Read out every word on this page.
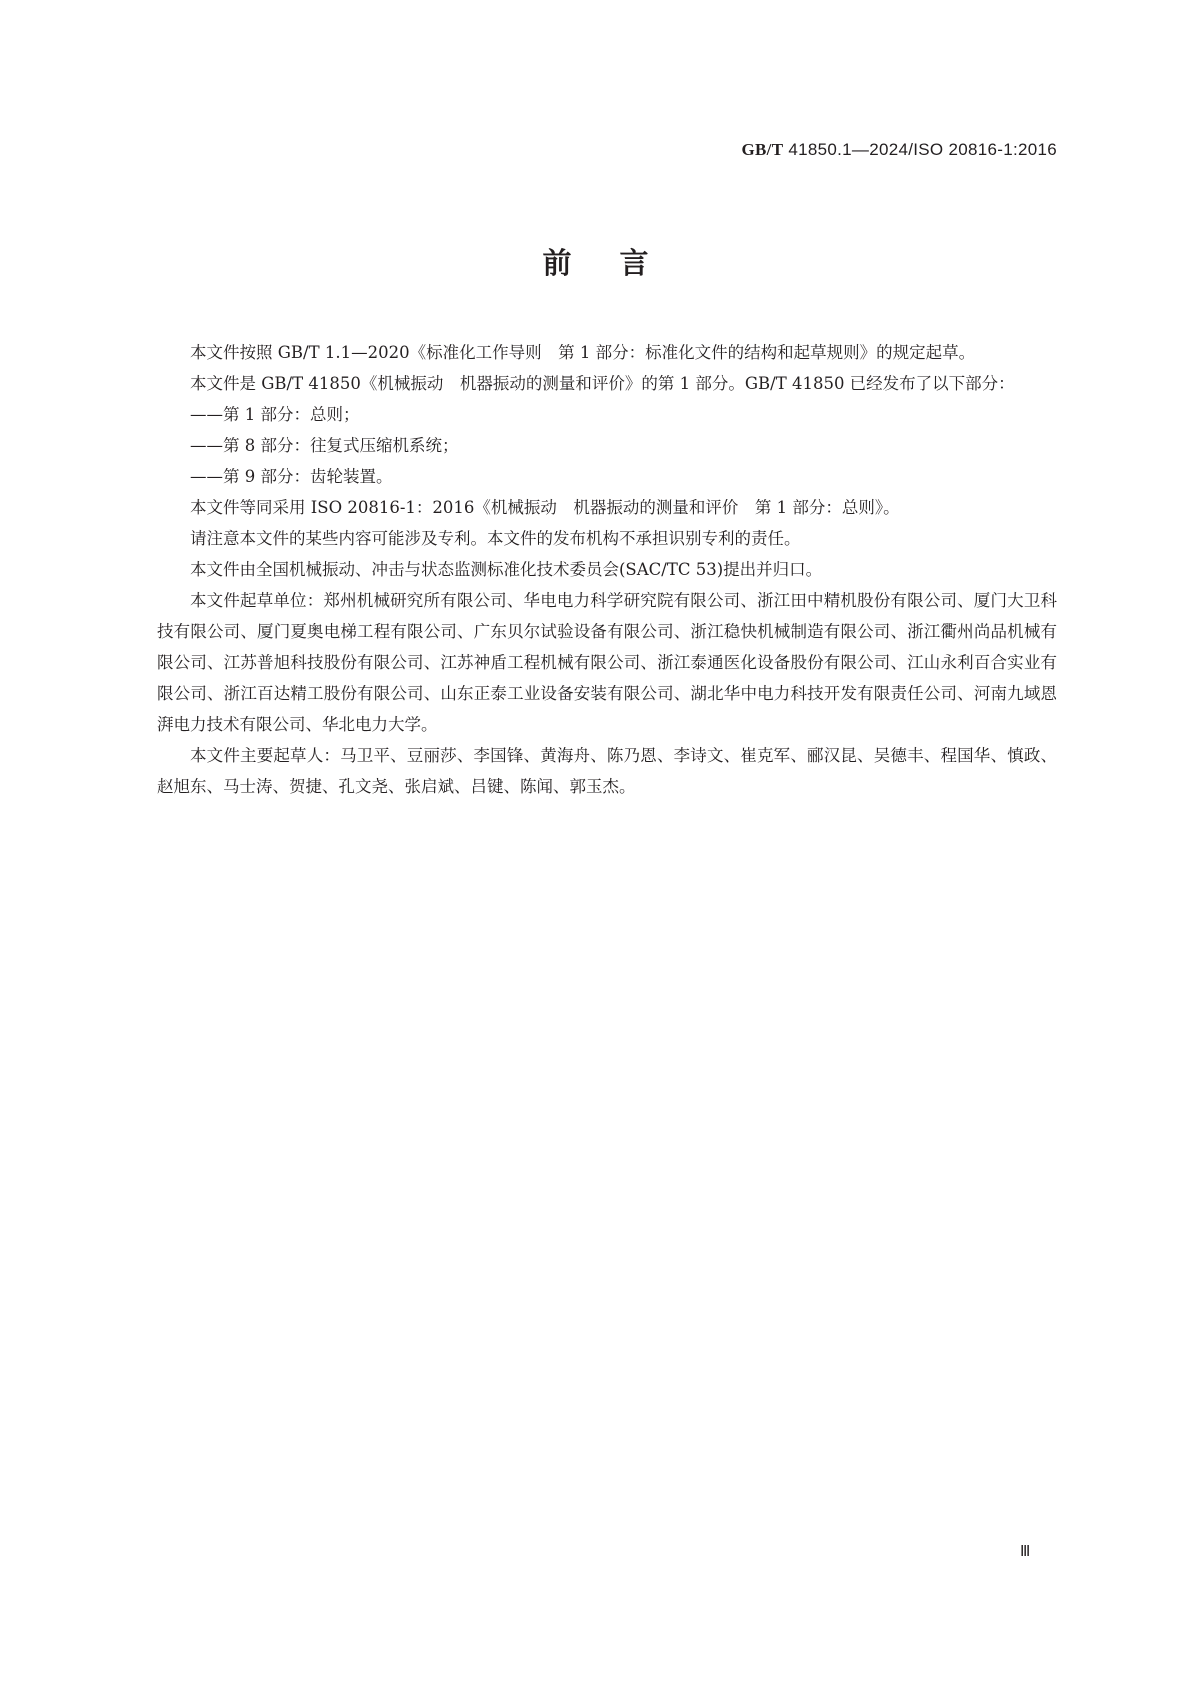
GB/T 41850.1—2024/ISO 20816-1:2016
前言

本文件按照 GB/T 1.1—2020《标准化工作导则　第 1 部分：标准化文件的结构和起草规则》的规定起草。

本文件是 GB/T 41850《机械振动　机器振动的测量和评价》的第 1 部分。GB/T 41850 已经发布了以下部分：

——第 1 部分：总则；

——第 8 部分：往复式压缩机系统；

——第 9 部分：齿轮装置。

本文件等同采用 ISO 20816-1：2016《机械振动　机器振动的测量和评价　第 1 部分：总则》。

请注意本文件的某些内容可能涉及专利。本文件的发布机构不承担识别专利的责任。

本文件由全国机械振动、冲击与状态监测标准化技术委员会(SAC/TC 53)提出并归口。

本文件起草单位：郑州机械研究所有限公司、华电电力科学研究院有限公司、浙江田中精机股份有限公司、厦门大卫科技有限公司、厦门夏奥电梯工程有限公司、广东贝尔试验设备有限公司、浙江稳快机械制造有限公司、浙江衢州尚品机械有限公司、江苏普旭科技股份有限公司、江苏神盾工程机械有限公司、浙江泰通医化设备股份有限公司、江山永利百合实业有限公司、浙江百达精工股份有限公司、山东正泰工业设备安装有限公司、湖北华中电力科技开发有限责任公司、河南九域恩湃电力技术有限公司、华北电力大学。

本文件主要起草人：马卫平、豆丽莎、李国锋、黄海舟、陈乃恩、李诗文、崔克军、郦汉昆、吴德丰、程国华、慎政、赵旭东、马士涛、贺捷、孔文尧、张启斌、吕键、陈闻、郭玉杰。

Ⅲ
